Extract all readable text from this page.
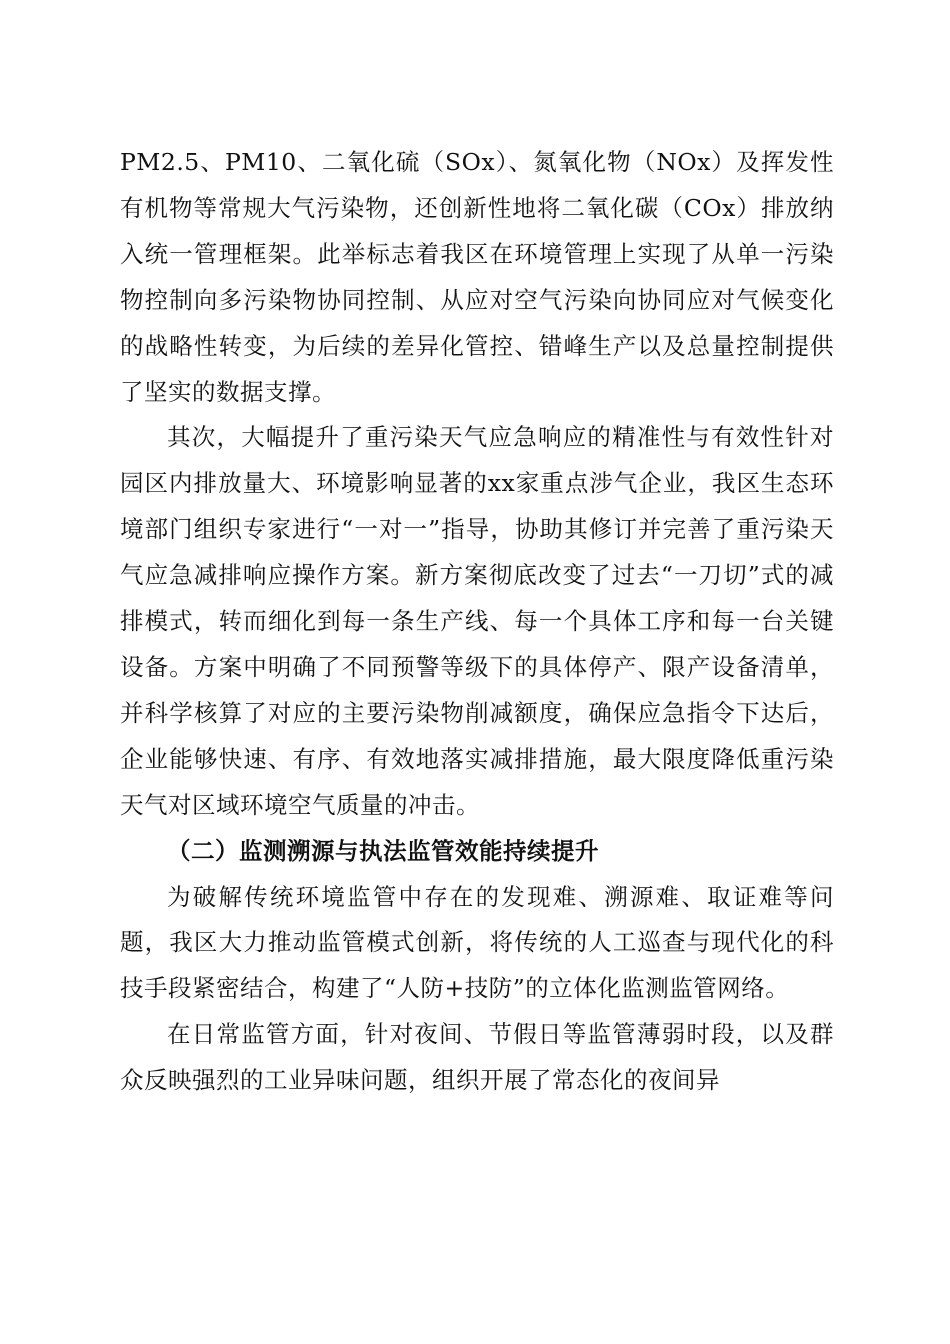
PM2.5、PM10、二氧化硫（SOx）、氮氧化物（NOx）及挥发性有机物等常规大气污染物，还创新性地将二氧化碳（COx）排放纳入统一管理框架。此举标志着我区在环境管理上实现了从单一污染物控制向多污染物协同控制、从应对空气污染向协同应对气候变化的战略性转变，为后续的差异化管控、错峰生产以及总量控制提供了坚实的数据支撑。

其次，大幅提升了重污染天气应急响应的精准性与有效性针对园区内排放量大、环境影响显著的xx家重点涉气企业，我区生态环境部门组织专家进行“一对一”指导，协助其修订并完善了重污染天气应急减排响应操作方案。新方案彻底改变了过去“一刀切”式的减排模式，转而细化到每一条生产线、每一个具体工序和每一台关键设备。方案中明确了不同预警等级下的具体停产、限产设备清单，并科学核算了对应的主要污染物削减额度，确保应急指令下达后，企业能够快速、有序、有效地落实减排措施，最大限度降低重污染天气对区域环境空气质量的冲击。

（二）监测溯源与执法监管效能持续提升

为破解传统环境监管中存在的发现难、溯源难、取证难等问题，我区大力推动监管模式创新，将传统的人工巡查与现代化的科技手段紧密结合，构建了“人防+技防”的立体化监测监管网络。

在日常监管方面，针对夜间、节假日等监管薄弱时段，以及群众反映强烈的工业异味问题，组织开展了常态化的夜间异
